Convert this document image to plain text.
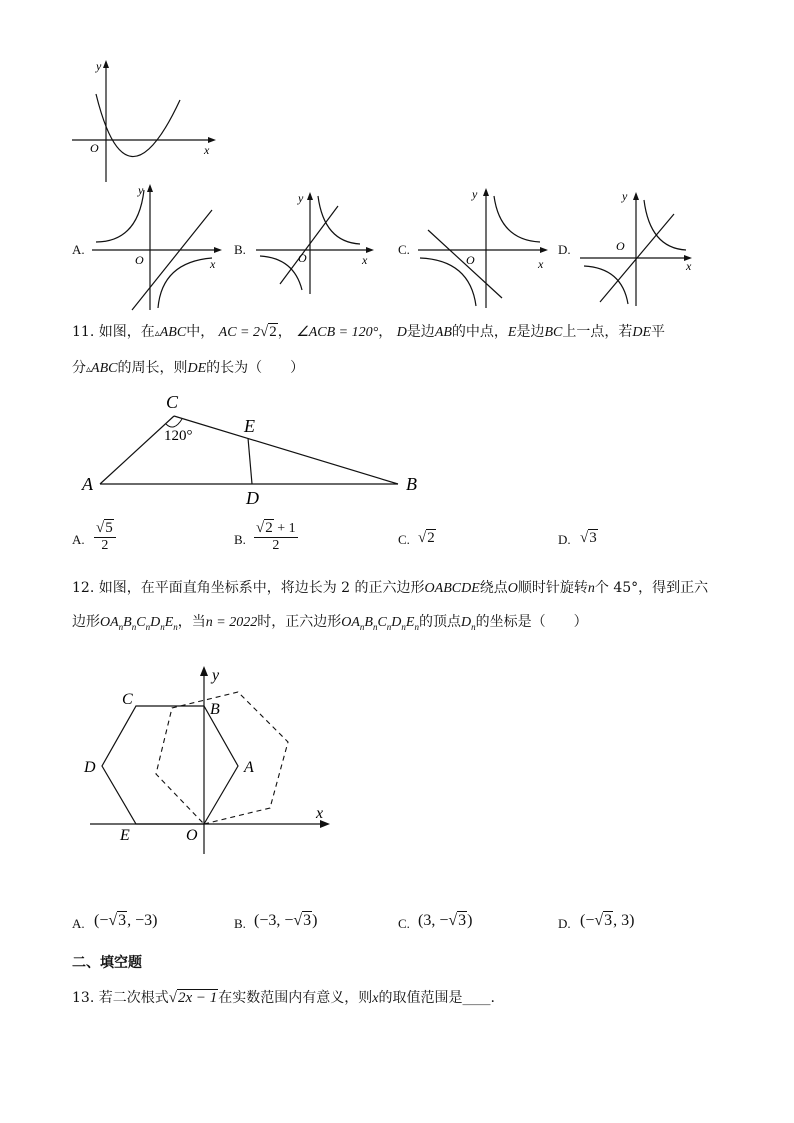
y
O	x
A.
y
O	x
B.
y
O	x
C.
y
O	x
D.
y
O
x
11. 如图，在▵ABC中， AC = 2√2， ∠ACB = 120°， D是边AB的中点，E是边BC上一点，若DE平
分▵ABC的周长，则DE的长为（　　）
C
120°	E
A
D
B
A. $\frac{√5}{2}$	B. $\frac{√2 + 1}{2}$	C. √2	D. √3
12. 如图，在平面直角坐标系中，将边长为 2 的正六边形OABCDE绕点O顺时针旋转n个 45°，得到正六
边形$OA_nB_nC_nD_nE_n$，当n = 2022时，正六边形$OA_nB_nC_nD_nE_n$的顶点$D_n$的坐标是（　　）
y
C
B
D	A
x
E	O
A. (−√3, −3)	B. (−3, −√3)	C. (3, −√3)	D. (−√3, 3)
二、填空题
13. 若二次根式√2x − 1在实数范围内有意义，则x的取值范围是____.
